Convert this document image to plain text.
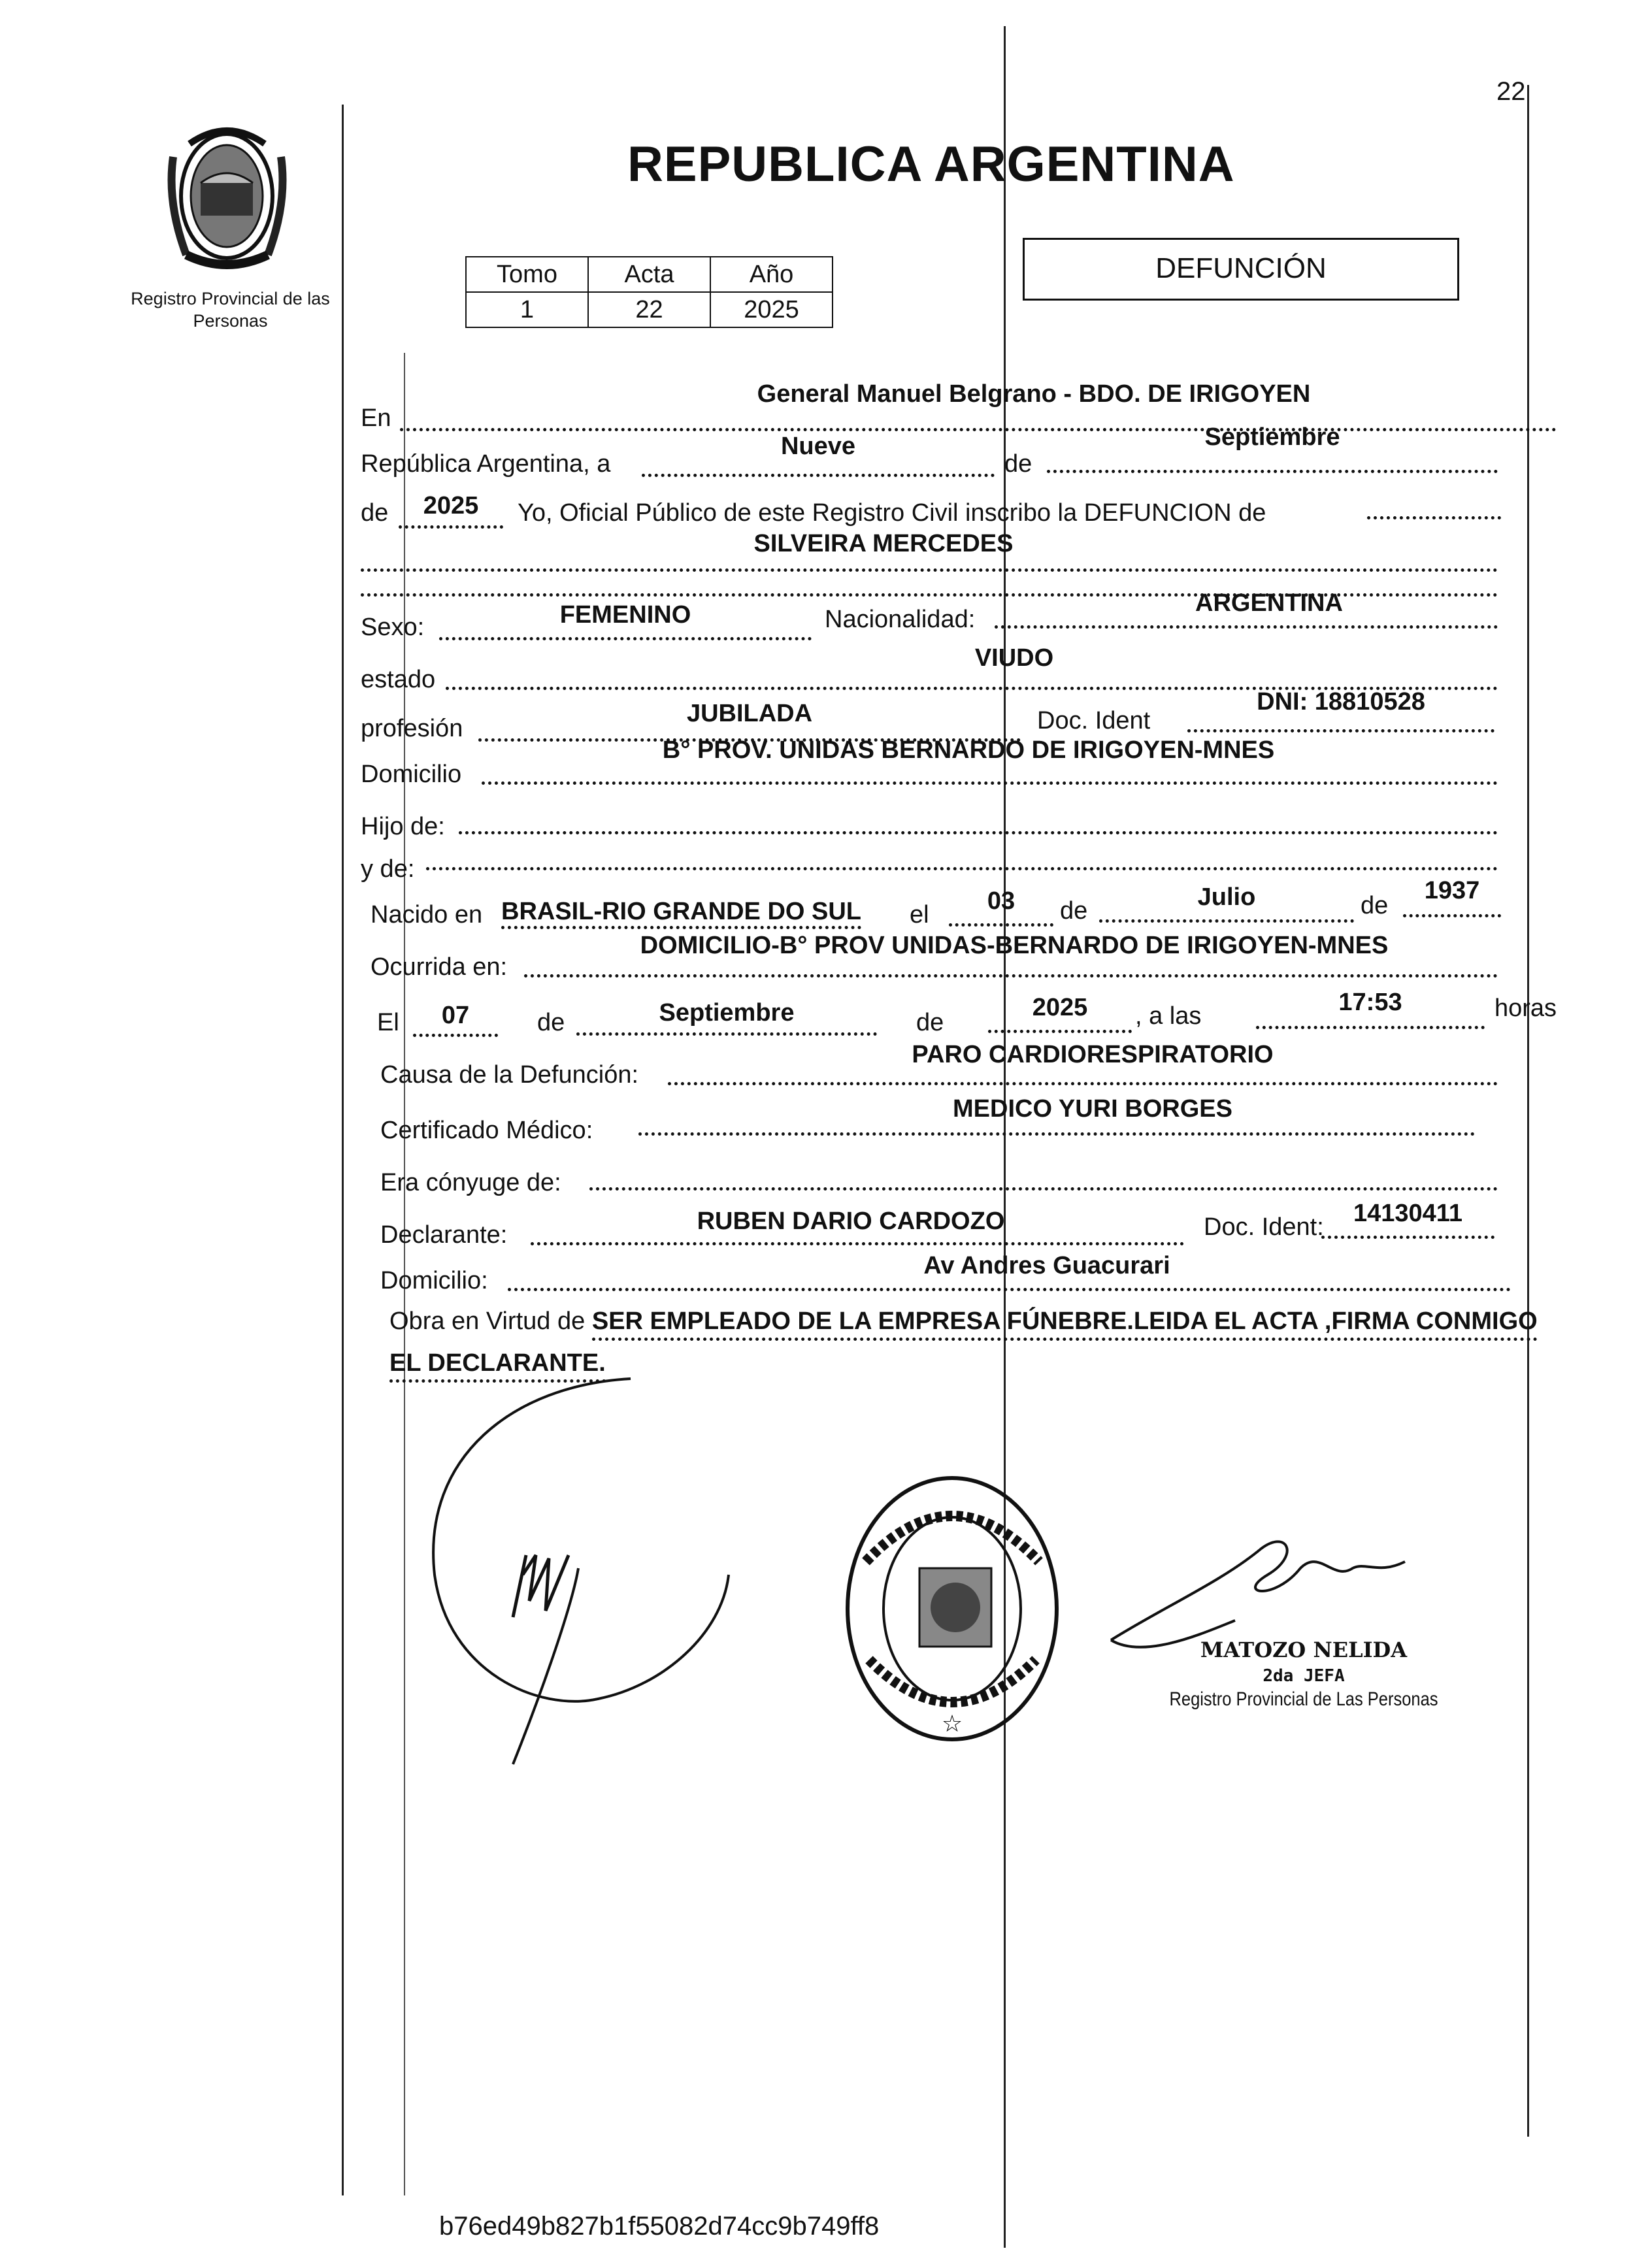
22
Registro Provincial de las Personas
REPUBLICA ARGENTINA
Tomo	Acta	Año
1	22	2025
DEFUNCIÓN
En
General Manuel Belgrano - BDO. DE IRIGOYEN
República Argentina, a
Nueve
de
Septiembre
de	2025	Yo, Oficial Público de este Registro Civil inscribo la DEFUNCION de
SILVEIRA MERCEDES
Sexo:	FEMENINO	Nacionalidad:
ARGENTINA
estado
VIUDO
profesión
JUBILADA	Doc. Ident
DNI: 18810528
Domicilio
B° PROV. UNIDAS BERNARDO DE IRIGOYEN-MNES
Hijo de:
y de:
Nacido en BRASIL-RIO GRANDE DO SUL el	03	de	Julio	de
1937
Ocurrida en:
DOMICILIO-B° PROV UNIDAS-BERNARDO DE IRIGOYEN-MNES
El	07	de	Septiembre	de
2025	, a las	17:53	horas
Causa de la Defunción:
PARO CARDIORESPIRATORIO
Certificado Médico:
MEDICO YURI BORGES
Era cónyuge de:
Declarante:	RUBEN DARIO CARDOZO	Doc. Ident:	14130411
Domicilio:
Av Andres Guacurari
Obra en Virtud de SER EMPLEADO DE LA EMPRESA FÚNEBRE.LEIDA EL ACTA ,FIRMA CONMIGO EL DECLARANTE.
☆
MATOZO NELIDA
2da JEFA
Registro Provincial de Las Personas
b76ed49b827b1f55082d74cc9b749ff8
